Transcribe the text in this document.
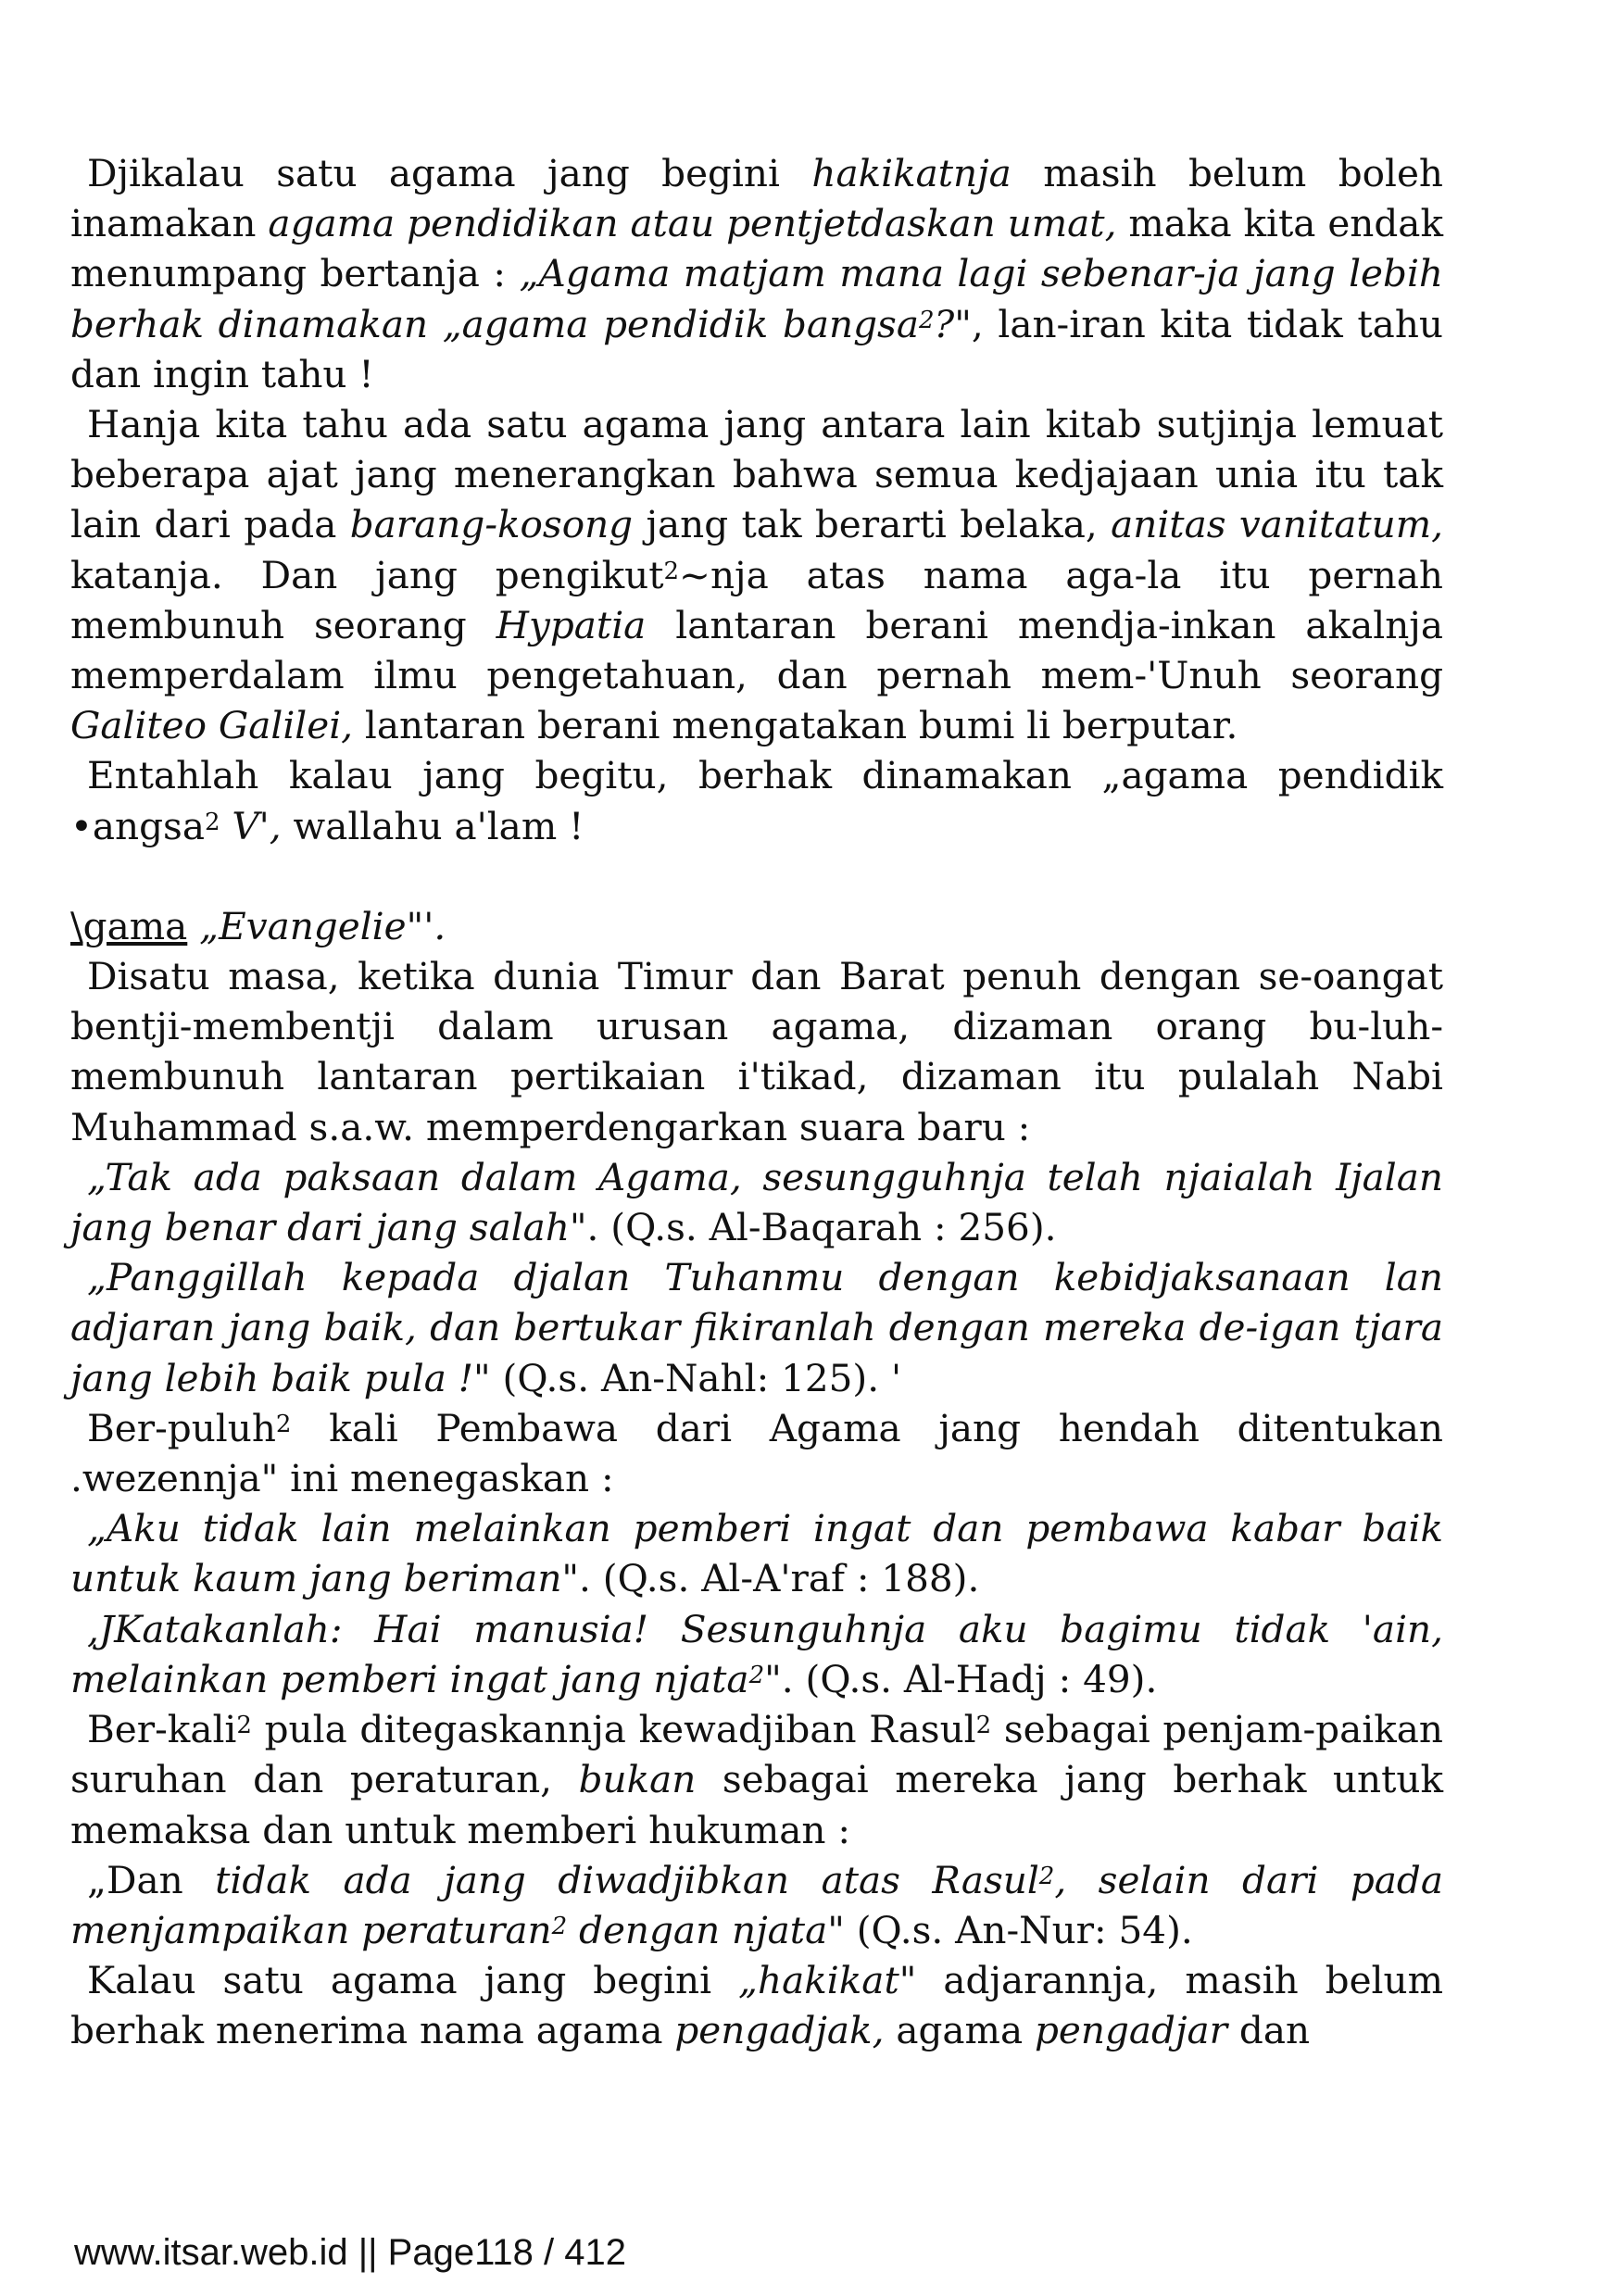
Djikalau satu agama jang begini hakikatnja masih belum boleh inamakan agama pendidikan atau pentjetdaskan umat, maka kita endak menumpang bertanja : „Agama matjam mana lagi sebenar-ja jang lebih berhak dinamakan „agama pendidik bangsa$^2$?", lan-iran kita tidak tahu dan ingin tahu !

Hanja kita tahu ada satu agama jang antara lain kitab sutjinja lemuat beberapa ajat jang menerangkan bahwa semua kedjajaan unia itu tak lain dari pada barang-kosong jang tak berarti belaka, anitas vanitatum, katanja. Dan jang pengikut$^2$~nja atas nama aga-la itu pernah membunuh seorang Hypatia lantaran berani mendja-inkan akalnja memperdalam ilmu pengetahuan, dan pernah mem-'Unuh seorang Galiteo Galilei, lantaran berani mengatakan bumi li berputar.

Entahlah kalau jang begitu, berhak dinamakan „agama pendidik •angsa$^2$ V', wallahu a'lam !

\gama „Evangelie"'.

Disatu masa, ketika dunia Timur dan Barat penuh dengan se-oangat bentji-membentji dalam urusan agama, dizaman orang bu-luh-membunuh lantaran pertikaian i'tikad, dizaman itu pulalah Nabi Muhammad s.a.w. memperdengarkan suara baru :

„Tak ada paksaan dalam Agama, sesungguhnja telah njaialah Ijalan jang benar dari jang salah". (Q.s. Al-Baqarah : 256).

„Panggillah kepada djalan Tuhanmu dengan kebidjaksanaan lan adjaran jang baik, dan bertukar fikiranlah dengan mereka de-igan tjara jang lebih baik pula !" (Q.s. An-Nahl: 125). '

Ber-puluh$^2$ kali Pembawa dari Agama jang hendah ditentukan .wezennja" ini menegaskan :

„Aku tidak lain melainkan pemberi ingat dan pembawa kabar baik untuk kaum jang beriman". (Q.s. Al-A'raf : 188).

,JKatakanlah: Hai manusia! Sesunguhnja aku bagimu tidak 'ain, melainkan pemberi ingat jang njata$^2$". (Q.s. Al-Hadj : 49).

Ber-kali$^2$ pula ditegaskannja kewadjiban Rasul$^2$ sebagai penjam-paikan suruhan dan peraturan, bukan sebagai mereka jang berhak untuk memaksa dan untuk memberi hukuman :

„Dan tidak ada jang diwadjibkan atas Rasul$^2$, selain dari pada menjampaikan peraturan$^2$ dengan njata" (Q.s. An-Nur: 54).

Kalau satu agama jang begini „hakikat" adjarannja, masih belum berhak menerima nama agama pengadjak, agama pengadjar dan

www.itsar.web.id || Page118 / 412
